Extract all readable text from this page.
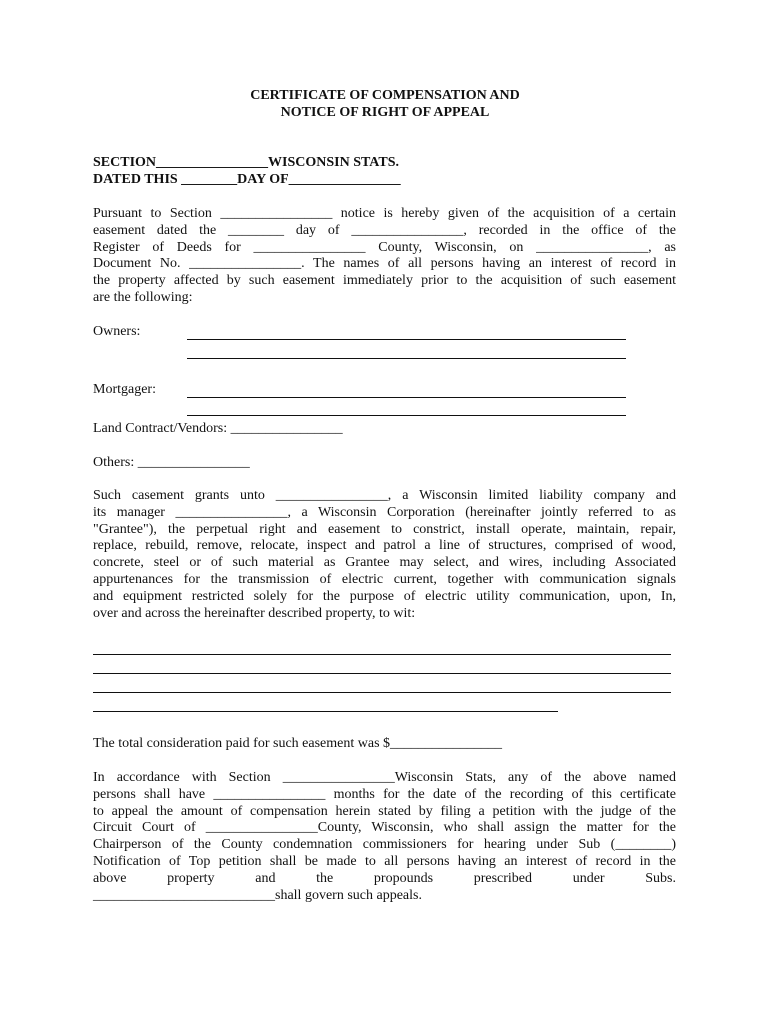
CERTIFICATE OF COMPENSATION AND
NOTICE OF RIGHT OF APPEAL
SECTION________________WISCONSIN STATS.
DATED THIS ________DAY OF________________
Pursuant to Section ________________ notice is hereby given of the acquisition of a certain
easement dated the ________ day of ________________, recorded in the office of the
Register of Deeds for ________________ County, Wisconsin, on ________________, as
Document No. ________________. The names of all persons having an interest of record in
the property affected by such easement immediately prior to the acquisition of such easement
are the following:
Owners:
Mortgager:
Land Contract/Vendors: ________________
Others: ________________
Such casement grants unto ________________, a Wisconsin limited liability company and
its manager ________________, a Wisconsin Corporation (hereinafter jointly referred to as
"Grantee"), the perpetual right and easement to constrict, install operate, maintain, repair,
replace, rebuild, remove, relocate, inspect and patrol a line of structures, comprised of wood,
concrete, steel or of such material as Grantee may select, and wires, including Associated
appurtenances for the transmission of electric current, together with communication signals
and equipment restricted solely for the purpose of electric utility communication, upon, In,
over and across the hereinafter described property, to wit:
The total consideration paid for such easement was $________________
In accordance with Section ________________Wisconsin Stats, any of the above named
persons shall have ________________ months for the date of the recording of this certificate
to appeal the amount of compensation herein stated by filing a petition with the judge of the
Circuit Court of ________________County, Wisconsin, who shall assign the matter for the
Chairperson of the County condemnation commissioners for hearing under Sub (________)
Notification of Top petition shall be made to all persons having an interest of record in the
above property and the propounds prescribed under Subs.
__________________________shall govern such appeals.
